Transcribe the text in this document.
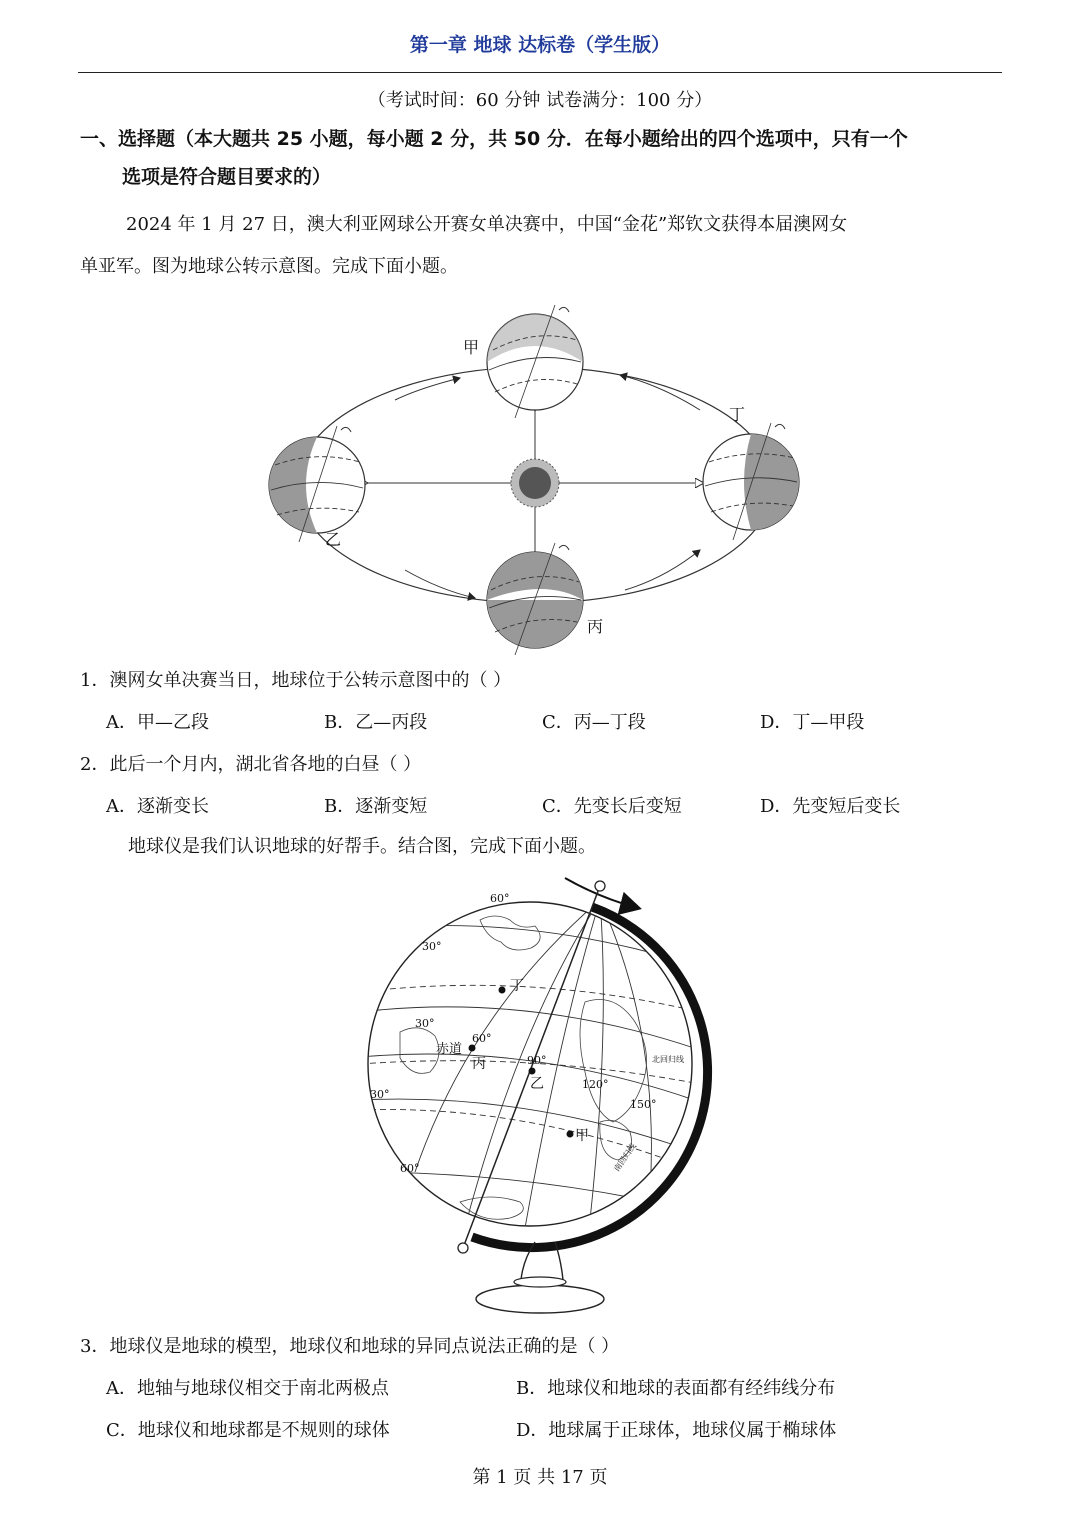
第一章 地球 达标卷（学生版）
（考试时间：60 分钟 试卷满分：100 分）
一、选择题（本大题共 25 小题，每小题 2 分，共 50 分．在每小题给出的四个选项中，只有一个
选项是符合题目要求的）
2024 年 1 月 27 日，澳大利亚网球公开赛女单决赛中，中国“金花”郑钦文获得本届澳网女
单亚军。图为地球公转示意图。完成下面小题。
甲
乙
丙
丁
1．澳网女单决赛当日，地球位于公转示意图中的（ ）
A．甲—乙段	B．乙—丙段	C．丙—丁段	D．丁—甲段
2．此后一个月内，湖北省各地的白昼（ ）
A．逐渐变长	B．逐渐变短	C．先变长后变短	D．先变短后变长
地球仪是我们认识地球的好帮手。结合图，完成下面小题。
60°
30°
30°
30°
60°
60°
90°
120°
150°
赤道
北回归线
南回归线
丁
丙
乙
甲
3．地球仪是地球的模型，地球仪和地球的异同点说法正确的是（ ）
A．地轴与地球仪相交于南北两极点	B．地球仪和地球的表面都有经纬线分布
C．地球仪和地球都是不规则的球体	D．地球属于正球体，地球仪属于椭球体
第 1 页 共 17 页
